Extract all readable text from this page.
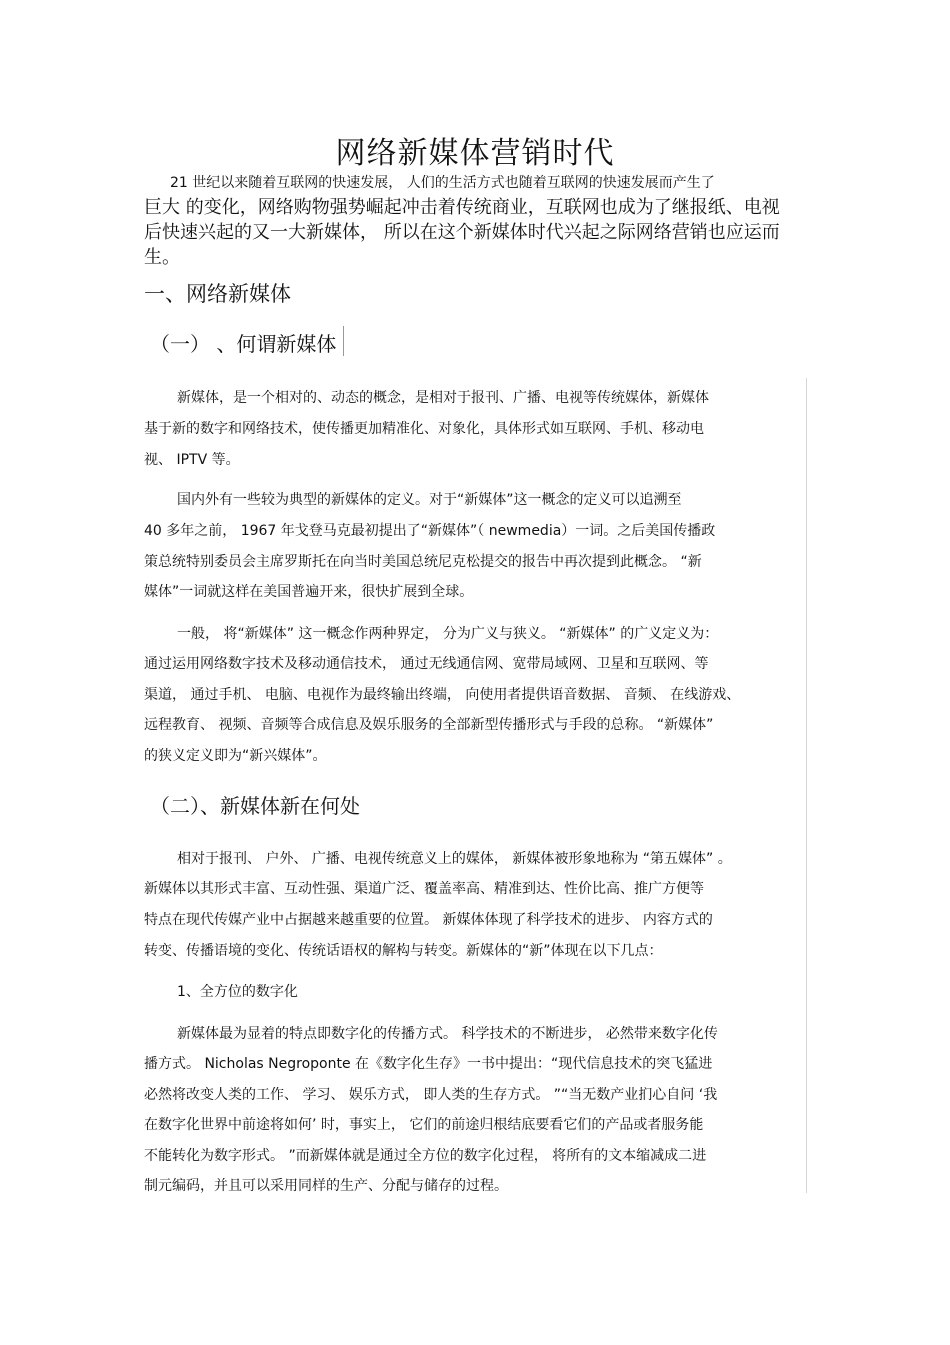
网络新媒体营销时代
21 世纪以来随着互联网的快速发展， 人们的生活方式也随着互联网的快速发展而产生了
巨大 的变化，网络购物强势崛起冲击着传统商业，互联网也成为了继报纸、电视
后快速兴起的又一大新媒体， 所以在这个新媒体时代兴起之际网络营销也应运而
生。
一、网络新媒体
（一） 、何谓新媒体
新媒体，是一个相对的、动态的概念，是相对于报刊、广播、电视等传统媒体，新媒体
基于新的数字和网络技术，使传播更加精准化、对象化，具体形式如互联网、手机、移动电
视、 IPTV 等。
国内外有一些较为典型的新媒体的定义。对于“新媒体”这一概念的定义可以追溯至
40 多年之前， 1967 年戈登马克最初提出了“新媒体”（ newmedia）一词。之后美国传播政
策总统特别委员会主席罗斯托在向当时美国总统尼克松提交的报告中再次提到此概念。 “新
媒体”一词就这样在美国普遍开来，很快扩展到全球。
一般， 将“新媒体” 这一概念作两种界定， 分为广义与狭义。 “新媒体” 的广义定义为：
通过运用网络数字技术及移动通信技术， 通过无线通信网、宽带局域网、卫星和互联网、等
渠道， 通过手机、 电脑、电视作为最终输出终端， 向使用者提供语音数据、 音频、 在线游戏、
远程教育、 视频、音频等合成信息及娱乐服务的全部新型传播形式与手段的总称。 “新媒体”
的狭义定义即为“新兴媒体”。
（二）、新媒体新在何处
相对于报刊、 户外、 广播、电视传统意义上的媒体， 新媒体被形象地称为 “第五媒体” 。
新媒体以其形式丰富、互动性强、渠道广泛、覆盖率高、精准到达、性价比高、推广方便等
特点在现代传媒产业中占据越来越重要的位置。 新媒体体现了科学技术的进步、 内容方式的
转变、传播语境的变化、传统话语权的解构与转变。新媒体的“新”体现在以下几点：
1、全方位的数字化
新媒体最为显着的特点即数字化的传播方式。 科学技术的不断进步， 必然带来数字化传
播方式。 Nicholas Negroponte 在《数字化生存》一书中提出：“现代信息技术的突飞猛进
必然将改变人类的工作、 学习、 娱乐方式， 即人类的生存方式。 ”“当无数产业扪心自问 ‘我
在数字化世界中前途将如何’ 时，事实上， 它们的前途归根结底要看它们的产品或者服务能
不能转化为数字形式。 ”而新媒体就是通过全方位的数字化过程， 将所有的文本缩减成二进
制元编码，并且可以采用同样的生产、分配与储存的过程。
